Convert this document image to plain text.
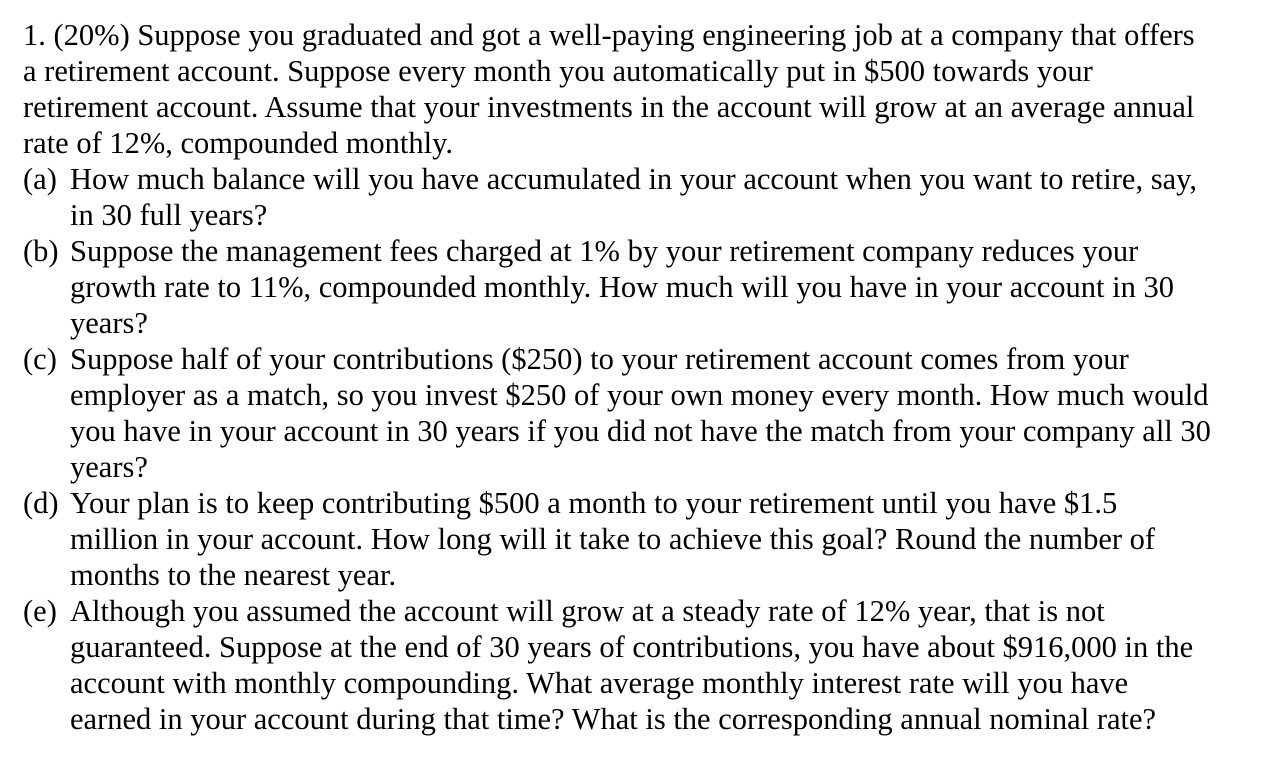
1. (20%) Suppose you graduated and got a well-paying engineering job at a company that offers
a retirement account. Suppose every month you automatically put in $500 towards your
retirement account. Assume that your investments in the account will grow at an average annual
rate of 12%, compounded monthly.
(a) How much balance will you have accumulated in your account when you want to retire, say,
in 30 full years?
(b) Suppose the management fees charged at 1% by your retirement company reduces your
growth rate to 11%, compounded monthly. How much will you have in your account in 30
years?
(c) Suppose half of your contributions ($250) to your retirement account comes from your
employer as a match, so you invest $250 of your own money every month. How much would
you have in your account in 30 years if you did not have the match from your company all 30
years?
(d) Your plan is to keep contributing $500 a month to your retirement until you have $1.5
million in your account. How long will it take to achieve this goal? Round the number of
months to the nearest year.
(e) Although you assumed the account will grow at a steady rate of 12% year, that is not
guaranteed. Suppose at the end of 30 years of contributions, you have about $916,000 in the
account with monthly compounding. What average monthly interest rate will you have
earned in your account during that time? What is the corresponding annual nominal rate?
